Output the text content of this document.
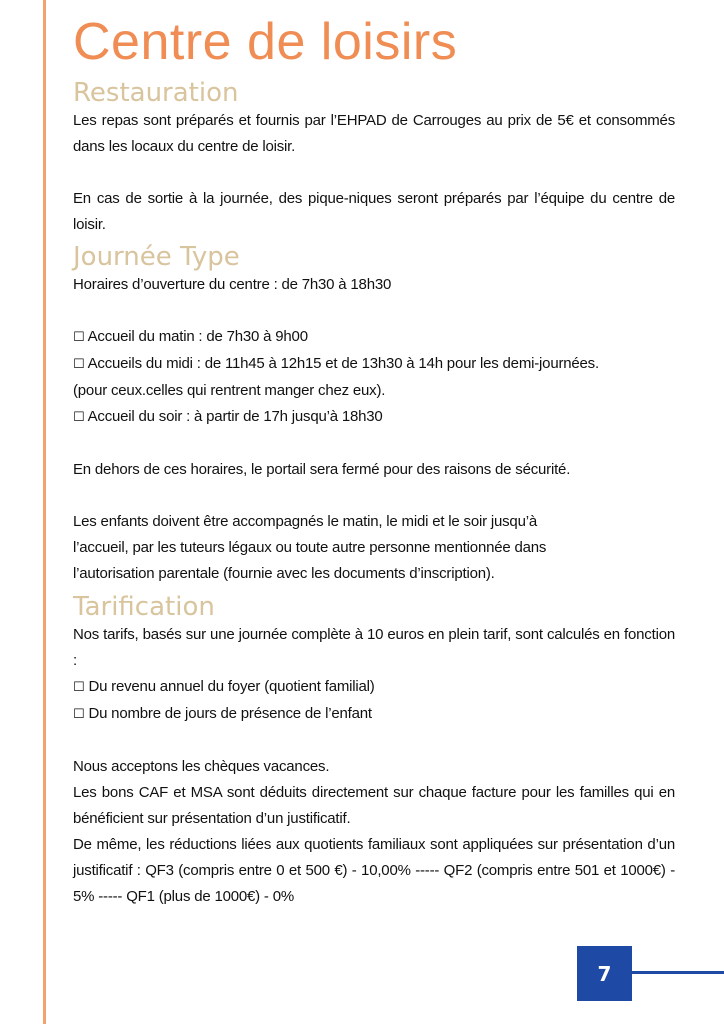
Centre de loisirs
Restauration

Les repas sont préparés et fournis par l’EHPAD de Carrouges au prix de 5€ et consommés dans les locaux du centre de loisir.

En cas de sortie à la journée, des pique-niques seront préparés par l’équipe du centre de loisir.

Journée Type

Horaires d’ouverture du centre : de 7h30 à 18h30

☐ Accueil du matin : de 7h30 à 9h00

☐ Accueils du midi : de 11h45 à 12h15 et de 13h30 à 14h pour les demi-journées.

(pour ceux.celles qui rentrent manger chez eux).

☐ Accueil du soir : à partir de 17h jusqu’à 18h30

En dehors de ces horaires, le portail sera fermé pour des raisons de sécurité.

Les enfants doivent être accompagnés le matin, le midi et le soir jusqu’à

l’accueil, par les tuteurs légaux ou toute autre personne mentionnée dans

l’autorisation parentale (fournie avec les documents d’inscription).

Tarification

Nos tarifs, basés sur une journée complète à 10 euros en plein tarif, sont calculés en fonction :

☐ Du revenu annuel du foyer (quotient familial)

☐ Du nombre de jours de présence de l’enfant

Nous acceptons les chèques vacances.

Les bons CAF et MSA sont déduits directement sur chaque facture pour les familles qui en bénéficient sur présentation d’un justificatif.

De même, les réductions liées aux quotients familiaux sont appliquées sur présentation d’un justificatif : QF3 (compris entre 0 et 500 €) - 10,00% ----- QF2 (compris entre 501 et 1000€) - 5% ----- QF1 (plus de 1000€) - 0%

7
